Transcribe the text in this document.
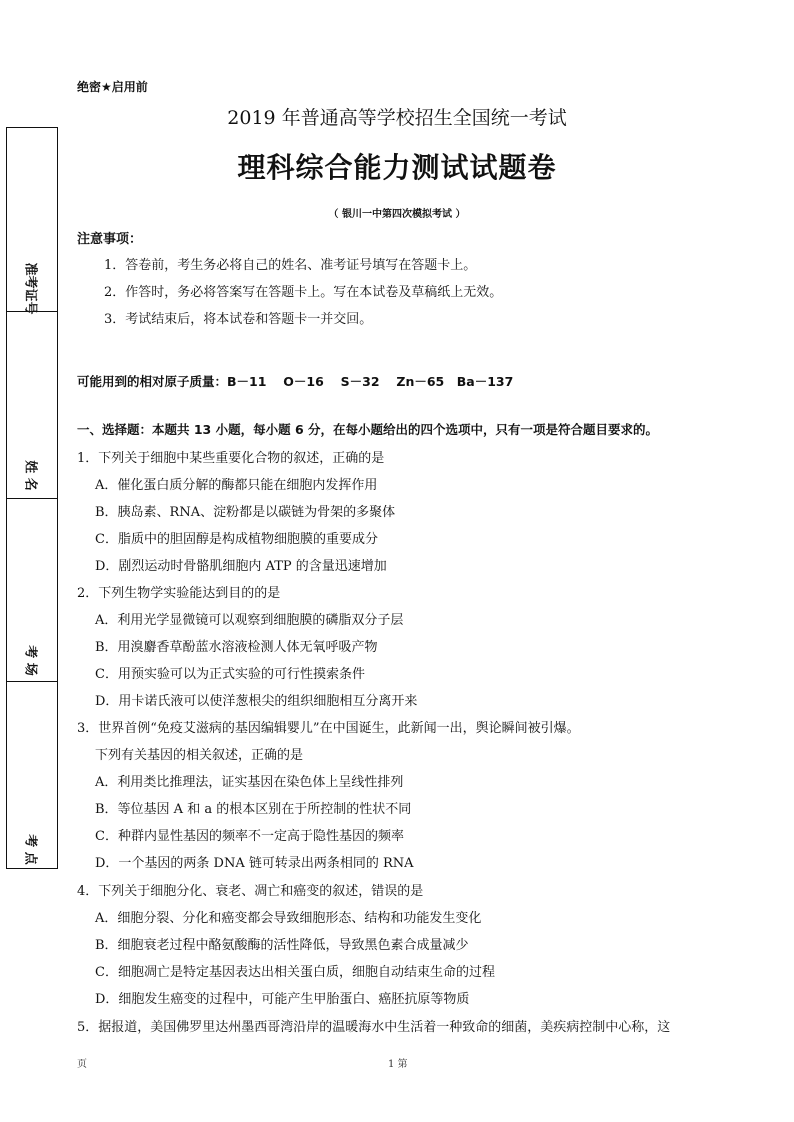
绝密★启用前
2019 年普通高等学校招生全国统一考试
理科综合能力测试试题卷
（ 银川一中第四次模拟考试 ）
准考证号
姓 名
考 场
考 点
注意事项：
1．答卷前，考生务必将自己的姓名、准考证号填写在答题卡上。
2．作答时，务必将答案写在答题卡上。写在本试卷及草稿纸上无效。
3．考试结束后，将本试卷和答题卡一并交回。
可能用到的相对原子质量：B－11　 O－16　 S－32　 Zn－65　Ba－137
一、选择题：本题共 13 小题，每小题 6 分，在每小题给出的四个选项中，只有一项是符合题目要求的。
1．下列关于细胞中某些重要化合物的叙述，正确的是
A．催化蛋白质分解的酶都只能在细胞内发挥作用
B．胰岛素、RNA、淀粉都是以碳链为骨架的多聚体
C．脂质中的胆固醇是构成植物细胞膜的重要成分
D．剧烈运动时骨骼肌细胞内 ATP 的含量迅速增加
2．下列生物学实验能达到目的的是
A．利用光学显微镜可以观察到细胞膜的磷脂双分子层
B．用溴麝香草酚蓝水溶液检测人体无氧呼吸产物
C．用预实验可以为正式实验的可行性摸索条件
D．用卡诺氏液可以使洋葱根尖的组织细胞相互分离开来
3．世界首例“免疫艾滋病的基因编辑婴儿”在中国诞生，此新闻一出，舆论瞬间被引爆。
下列有关基因的相关叙述，正确的是
A．利用类比推理法，证实基因在染色体上呈线性排列
B．等位基因 A 和 a 的根本区别在于所控制的性状不同
C．种群内显性基因的频率不一定高于隐性基因的频率
D．一个基因的两条 DNA 链可转录出两条相同的 RNA
4．下列关于细胞分化、衰老、凋亡和癌变的叙述，错误的是
A．细胞分裂、分化和癌变都会导致细胞形态、结构和功能发生变化
B．细胞衰老过程中酪氨酸酶的活性降低，导致黑色素合成量减少
C．细胞凋亡是特定基因表达出相关蛋白质，细胞自动结束生命的过程
D．细胞发生癌变的过程中，可能产生甲胎蛋白、癌胚抗原等物质
5．据报道，美国佛罗里达州墨西哥湾沿岸的温暖海水中生活着一种致命的细菌，美疾病控制中心称，这
页	1 第
